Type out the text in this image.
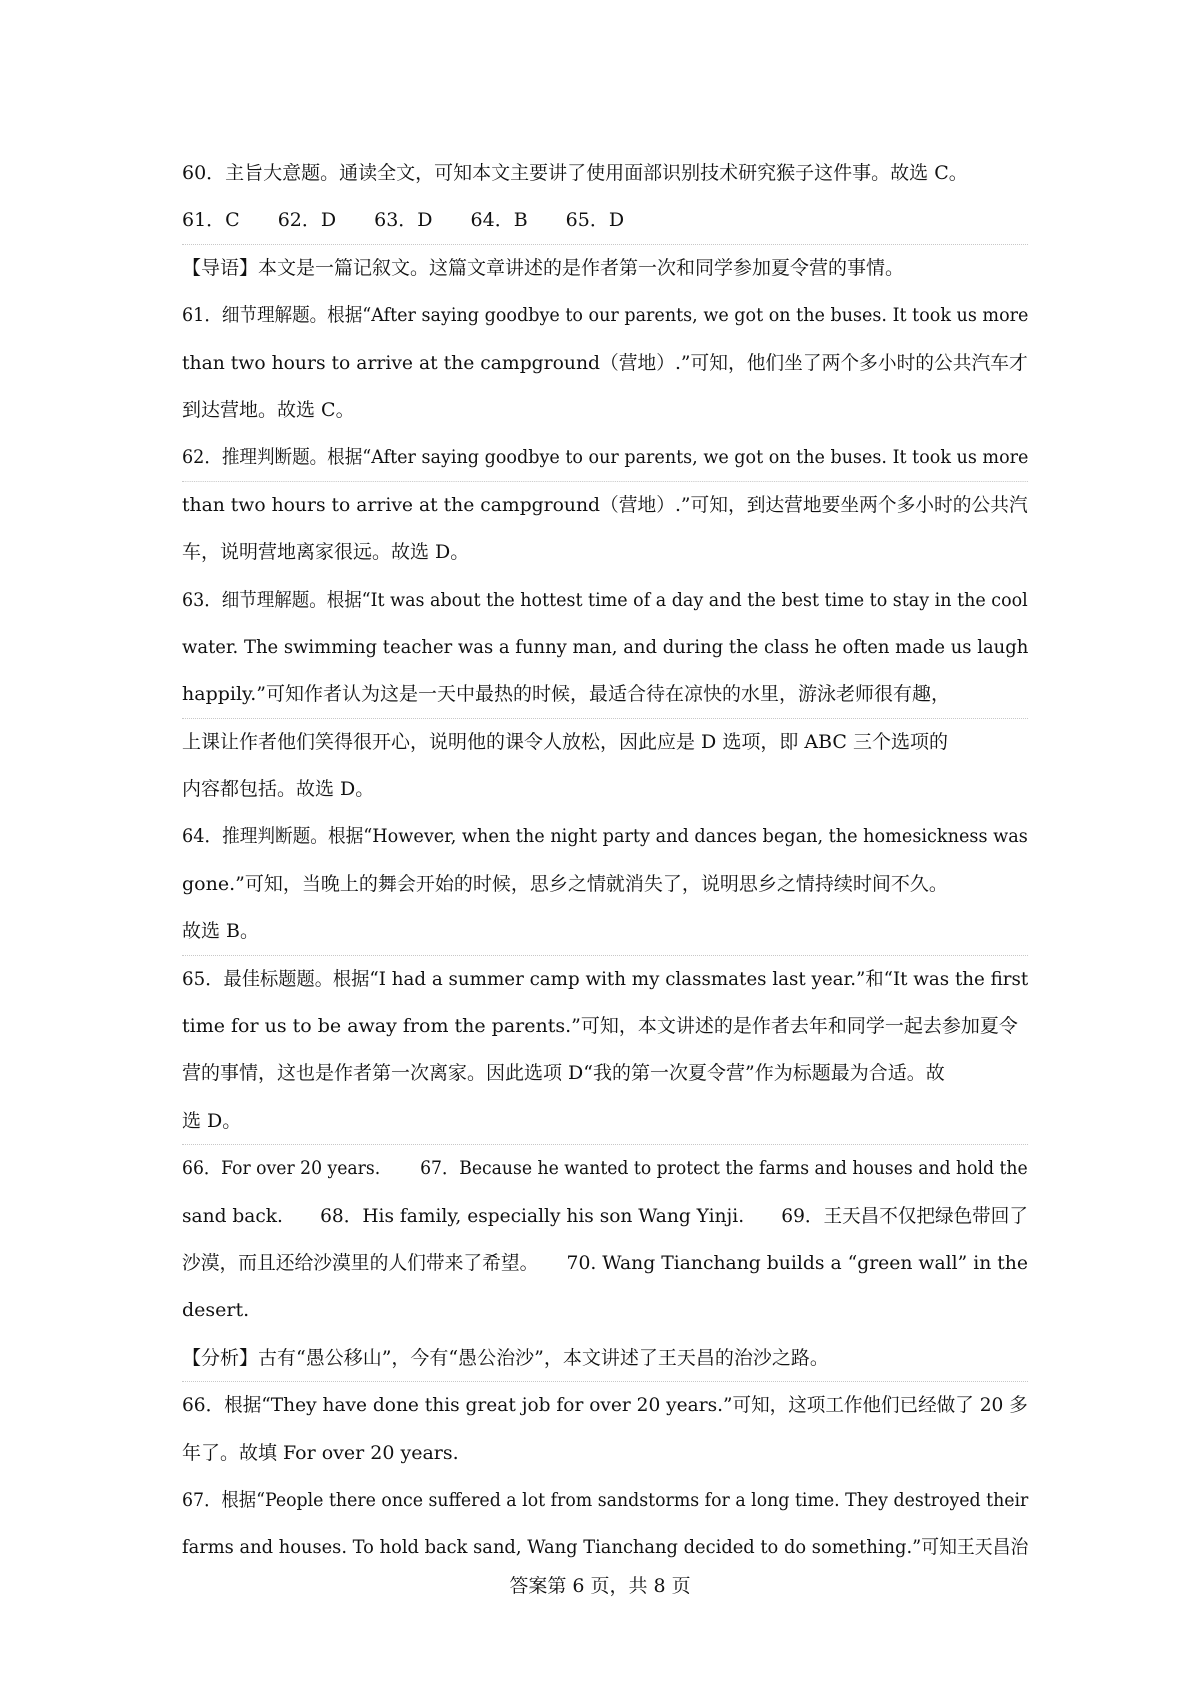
60．主旨大意题。通读全文，可知本文主要讲了使用面部识别技术研究猴子这件事。故选 C。
61．C　　62．D　　63．D　　64．B　　65．D
【导语】本文是一篇记叙文。这篇文章讲述的是作者第一次和同学参加夏令营的事情。
61．细节理解题。根据“After saying goodbye to our parents, we got on the buses. It took us more
than two hours to arrive at the campground（营地）.”可知，他们坐了两个多小时的公共汽车才
到达营地。故选 C。
62．推理判断题。根据“After saying goodbye to our parents, we got on the buses. It took us more
than two hours to arrive at the campground（营地）.”可知，到达营地要坐两个多小时的公共汽
车，说明营地离家很远。故选 D。
63．细节理解题。根据“It was about the hottest time of a day and the best time to stay in the cool
water. The swimming teacher was a funny man, and during the class he often made us laugh
happily.”可知作者认为这是一天中最热的时候，最适合待在凉快的水里，游泳老师很有趣，
上课让作者他们笑得很开心，说明他的课令人放松，因此应是 D 选项，即 ABC 三个选项的
内容都包括。故选 D。
64．推理判断题。根据“However, when the night party and dances began, the homesickness was
gone.”可知，当晚上的舞会开始的时候，思乡之情就消失了，说明思乡之情持续时间不久。
故选 B。
65．最佳标题题。根据“I had a summer camp with my classmates last year.”和“It was the first
time for us to be away from the parents.”可知，本文讲述的是作者去年和同学一起去参加夏令
营的事情，这也是作者第一次离家。因此选项 D“我的第一次夏令营”作为标题最为合适。故
选 D。
66．For over 20 years.　　 67．Because he wanted to protect the farms and houses and hold the
sand back.　　68．His family, especially his son Wang Yinji.　　69．王天昌不仅把绿色带回了
沙漠，而且还给沙漠里的人们带来了希望。　　70. Wang Tianchang builds a “green wall” in the
desert.
【分析】古有“愚公移山”，今有“愚公治沙”，本文讲述了王天昌的治沙之路。
66．根据“They have done this great job for over 20 years.”可知，这项工作他们已经做了 20 多
年了。故填 For over 20 years.
67．根据“People there once suffered a lot from sandstorms for a long time. They destroyed their
farms and houses. To hold back sand, Wang Tianchang decided to do something.”可知王天昌治
答案第 6 页，共 8 页
